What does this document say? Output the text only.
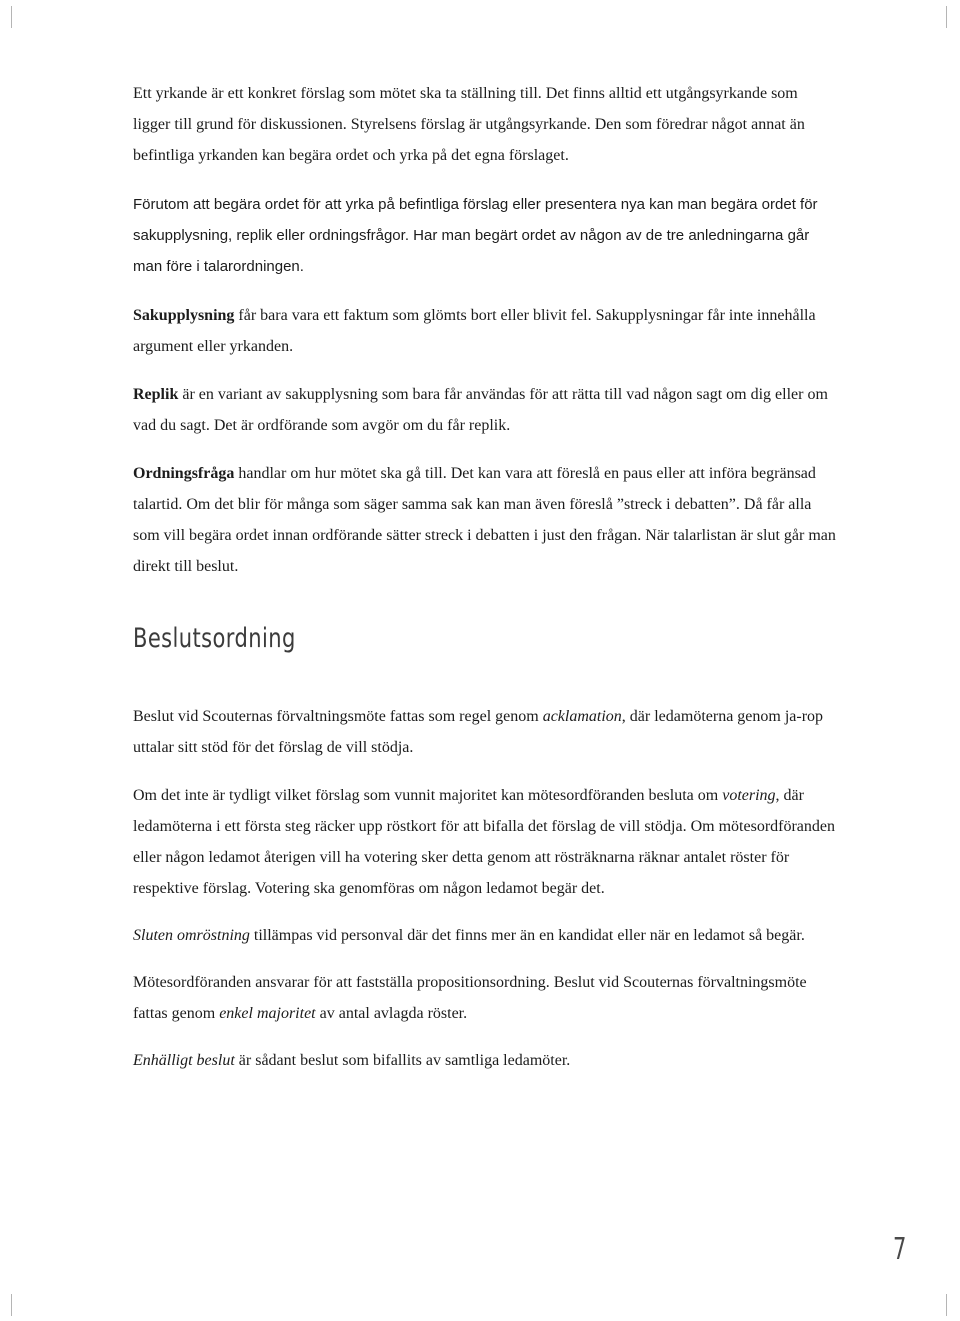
Ett yrkande är ett konkret förslag som mötet ska ta ställning till. Det finns alltid ett utgångsyrkande som ligger till grund för diskussionen. Styrelsens förslag är utgångsyrkande. Den som föredrar något annat än befintliga yrkanden kan begära ordet och yrka på det egna förslaget.

Förutom att begära ordet för att yrka på befintliga förslag eller presentera nya kan man begära ordet för sakupplysning, replik eller ordningsfrågor. Har man begärt ordet av någon av de tre anledningarna går man före i talarordningen.

Sakupplysning får bara vara ett faktum som glömts bort eller blivit fel. Sakupplysningar får inte innehålla argument eller yrkanden.

Replik är en variant av sakupplysning som bara får användas för att rätta till vad någon sagt om dig eller om vad du sagt. Det är ordförande som avgör om du får replik.

Ordningsfråga handlar om hur mötet ska gå till. Det kan vara att föreslå en paus eller att införa begränsad talartid. Om det blir för många som säger samma sak kan man även föreslå ”streck i debatten”. Då får alla som vill begära ordet innan ordförande sätter streck i debatten i just den frågan. När talarlistan är slut går man direkt till beslut.

Beslutsordning

Beslut vid Scouternas förvaltningsmöte fattas som regel genom acklamation, där ledamöterna genom ja-rop uttalar sitt stöd för det förslag de vill stödja.

Om det inte är tydligt vilket förslag som vunnit majoritet kan mötesordföranden besluta om votering, där ledamöterna i ett första steg räcker upp röstkort för att bifalla det förslag de vill stödja. Om mötesordföranden eller någon ledamot återigen vill ha votering sker detta genom att rösträknarna räknar antalet röster för respektive förslag. Votering ska genomföras om någon ledamot begär det.

Sluten omröstning tillämpas vid personval där det finns mer än en kandidat eller när en ledamot så begär.

Mötesordföranden ansvarar för att fastställa propositionsordning. Beslut vid Scouternas förvaltningsmöte fattas genom enkel majoritet av antal avlagda röster.

Enhälligt beslut är sådant beslut som bifallits av samtliga ledamöter.

7
